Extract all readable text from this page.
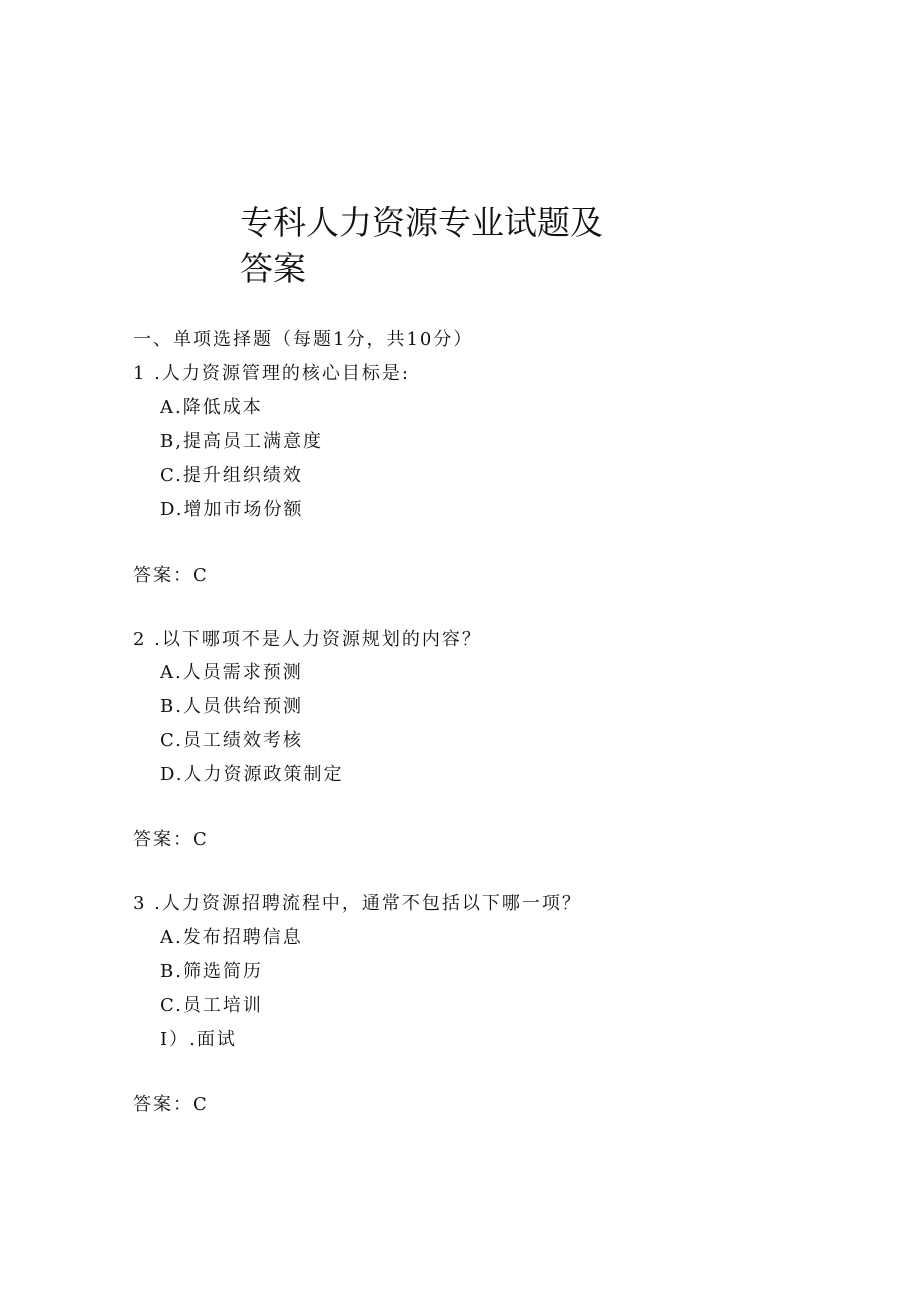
专科人力资源专业试题及
答案
一、单项选择题（每题1分，共10分）
1 .人力资源管理的核心目标是:
A.降低成本
B,提高员工满意度
C.提升组织绩效
D.增加市场份额
答案：C
2 .以下哪项不是人力资源规划的内容？
A.人员需求预测
B.人员供给预测
C.员工绩效考核
D.人力资源政策制定
答案：C
3 .人力资源招聘流程中，通常不包括以下哪一项？
A.发布招聘信息
B.筛选简历
C.员工培训
I）.面试
答案：C
